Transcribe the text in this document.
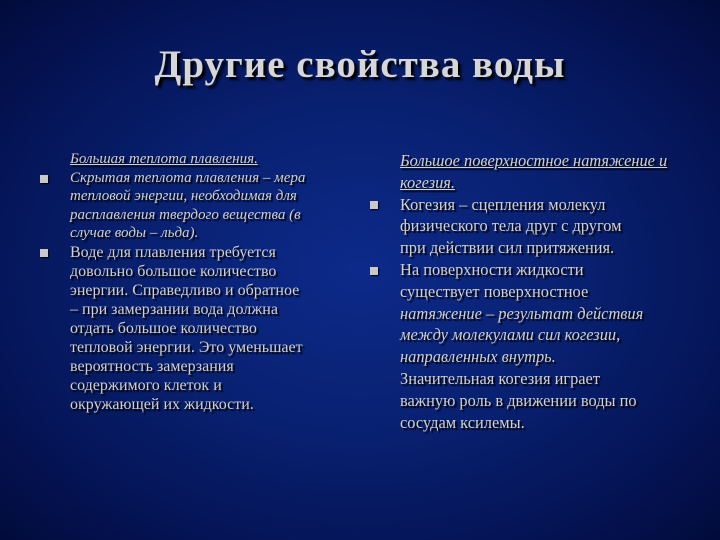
Другие свойства воды
Большая теплота плавления.
Скрытая теплота плавления – мера
тепловой энергии, необходимая для
расплавления твердого вещества (в
случае воды – льда).
Воде для плавления требуется
довольно большое количество
энергии. Справедливо и обратное
– при замерзании вода должна
отдать большое количество
тепловой энергии. Это уменьшает
вероятность замерзания
содержимого клеток и
окружающей их жидкости.
Большое поверхностное натяжение и
когезия.
Когезия – сцепления молекул
физического тела друг с другом
при действии сил притяжения.
На поверхности жидкости
существует поверхностное
натяжение – результат действия
между молекулами сил когезии,
направленных внутрь.
Значительная когезия играет
важную роль в движении воды по
сосудам ксилемы.
